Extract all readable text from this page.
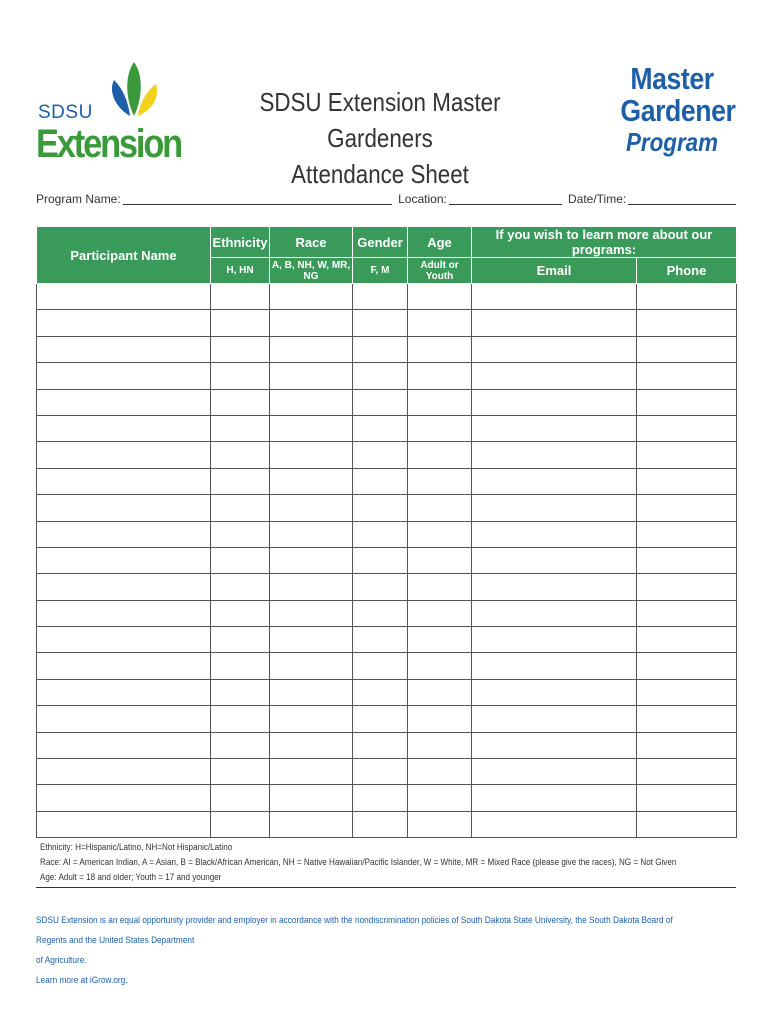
SDSU
Extension
SDSU Extension Master Gardeners
Attendance Sheet
Master
Gardener
Program
Program Name:	Location:	Date/Time:
Participant Name	Ethnicity	Race	Gender	Age	If you wish to learn more about our programs:	
	H, HN	A, B, NH, W, MR, NG	F, M	Adult or Youth	Email	Phone

Ethnicity: H=Hispanic/Latino, NH=Not Hispanic/Latino
Race: AI = American Indian, A = Asian, B = Black/African American, NH = Native Hawaiian/Pacific Islander, W = White, MR = Mixed Race (please give the races), NG = Not Given
Age: Adult = 18 and older; Youth = 17 and younger
SDSU Extension is an equal opportunity provider and employer in accordance with the nondiscrimination policies of South Dakota State University, the South Dakota Board of Regents and the United States Department
of Agriculture.
Learn more at iGrow.org.
